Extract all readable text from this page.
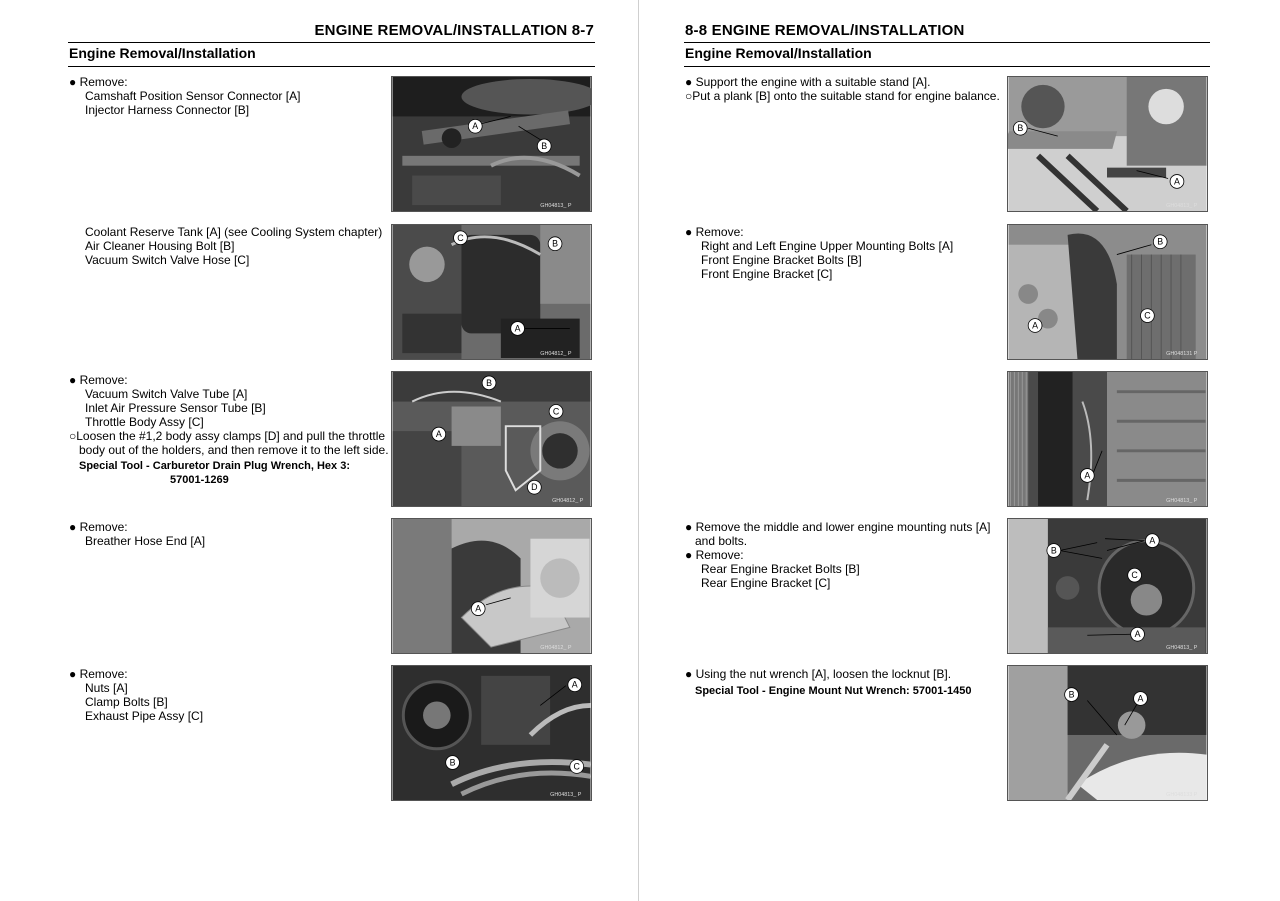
ENGINE REMOVAL/INSTALLATION 8-7
Engine Removal/Installation
● Remove:
Camshaft Position Sensor Connector [A]
Injector Harness Connector [B]
A
B
GH04813_ P
Coolant Reserve Tank [A] (see Cooling System chapter)
Air Cleaner Housing Bolt [B]
Vacuum Switch Valve Hose [C]
C
B
A
GH04812_ P
● Remove:
Vacuum Switch Valve Tube [A]
Inlet Air Pressure Sensor Tube [B]
Throttle Body Assy [C]
○Loosen the #1,2 body assy clamps [D] and pull the throttle
body out of the holders, and then remove it to the left side.
Special Tool - Carburetor Drain Plug Wrench, Hex 3:
57001-1269
B
C
A
D
GH04812_ P
● Remove:
Breather Hose End [A]
A
GH04812_ P
● Remove:
Nuts [A]
Clamp Bolts [B]
Exhaust Pipe Assy [C]
A
B	C
GH04813_ P
8-8 ENGINE REMOVAL/INSTALLATION
Engine Removal/Installation
● Support the engine with a suitable stand [A].
○Put a plank [B] onto the suitable stand for engine balance.
B
A
GH04813_ P
● Remove:
Right and Left Engine Upper Mounting Bolts [A]
Front Engine Bracket Bolts [B]
Front Engine Bracket [C]
B
A
C
GH048131 P
A
GH04813_ P
● Remove the middle and lower engine mounting nuts [A]
and bolts.
● Remove:
Rear Engine Bracket Bolts [B]
Rear Engine Bracket [C]
B
A
C
A
GH04813_ P
● Using the nut wrench [A], loosen the locknut [B].
Special Tool - Engine Mount Nut Wrench: 57001-1450	B	A
GH048133 P
